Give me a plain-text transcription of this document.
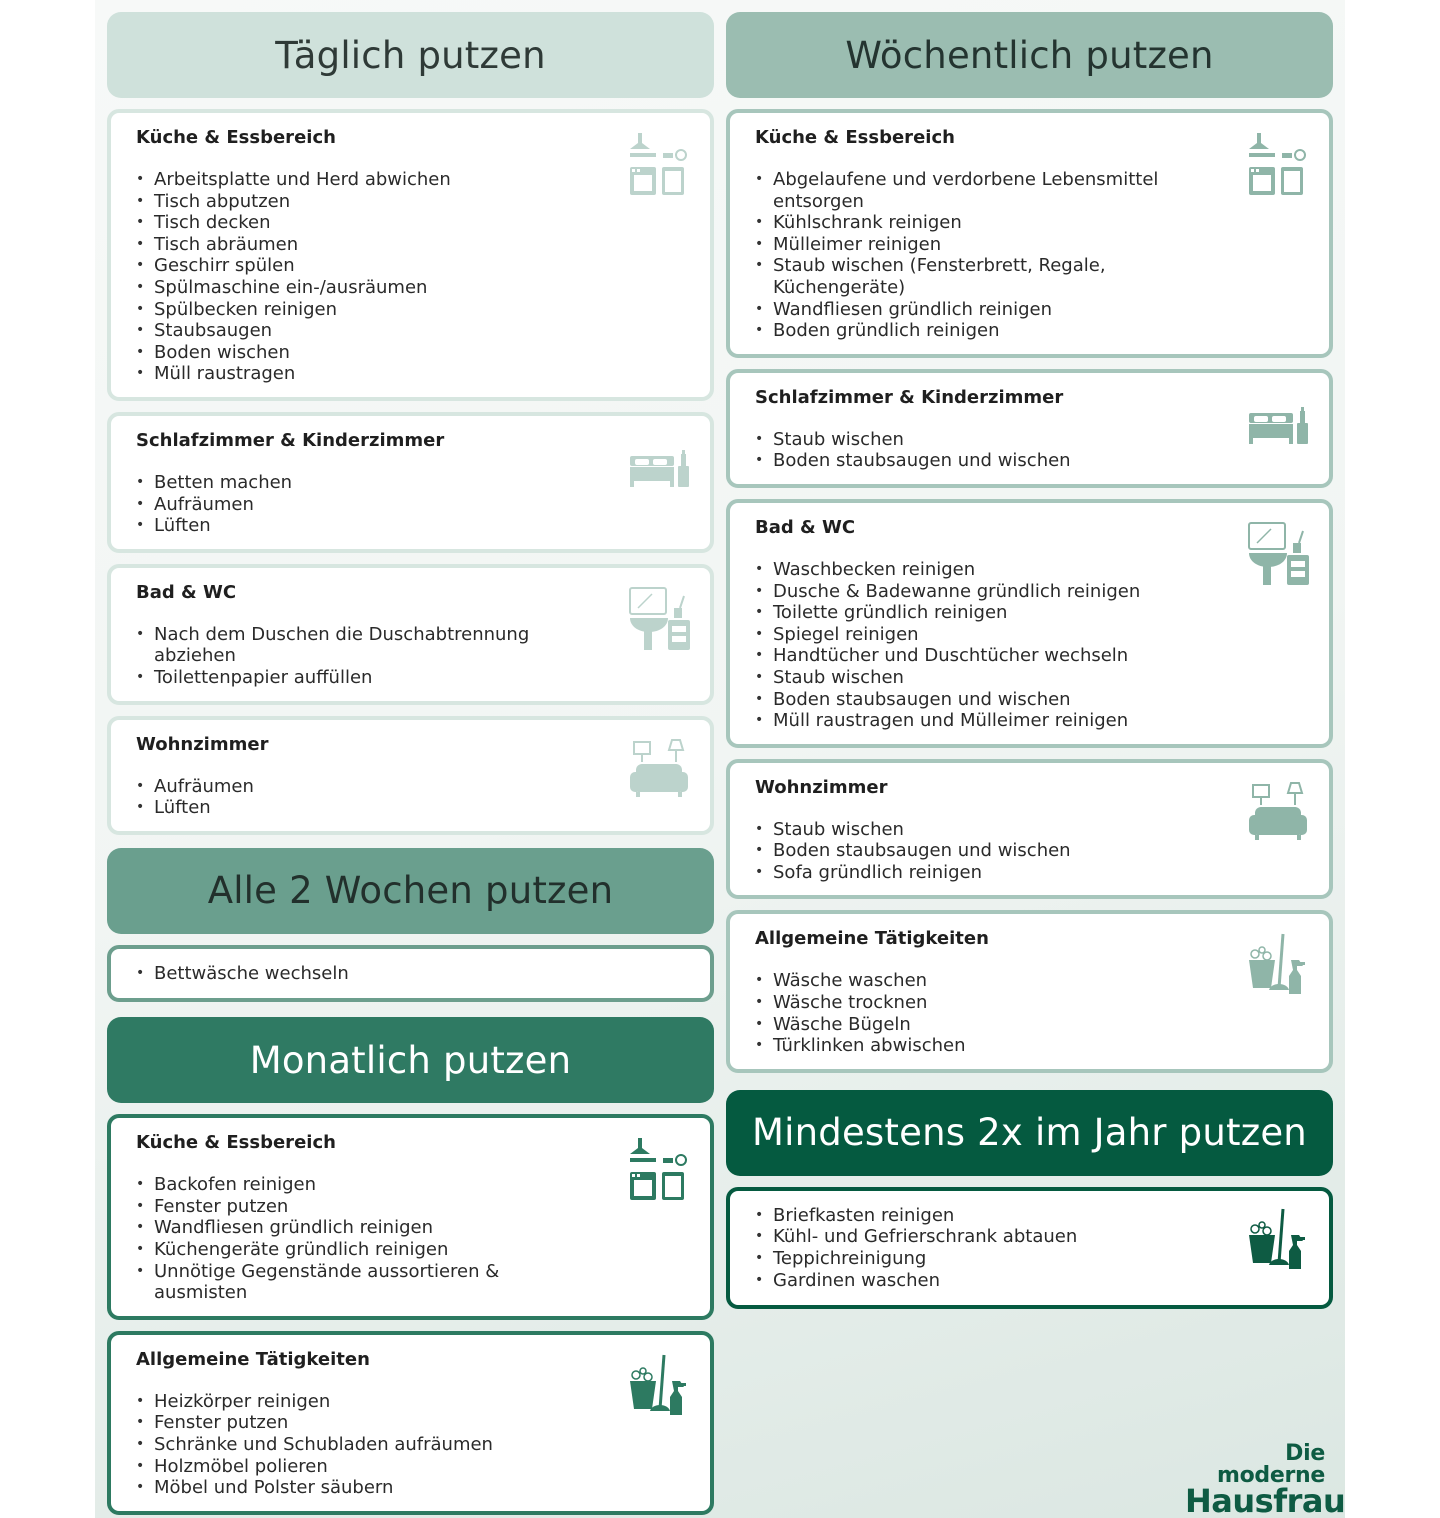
Täglich putzen
Küche & Essbereich
• Arbeitsplatte und Herd abwichen
• Tisch abputzen
• Tisch decken
• Tisch abräumen
• Geschirr spülen
• Spülmaschine ein-/ausräumen
• Spülbecken reinigen
• Staubsaugen
• Boden wischen
• Müll raustragen
Schlafzimmer & Kinderzimmer
• Betten machen
• Aufräumen
• Lüften
Bad & WC
• Nach dem Duschen die Duschabtrennung abziehen
• Toilettenpapier auffüllen
Wohnzimmer
• Aufräumen
• Lüften
Alle 2 Wochen putzen
• Bettwäsche wechseln
Monatlich putzen
Küche & Essbereich
• Backofen reinigen
• Fenster putzen
• Wandfliesen gründlich reinigen
• Küchengeräte gründlich reinigen
• Unnötige Gegenstände aussortieren & ausmisten
Allgemeine Tätigkeiten
• Heizkörper reinigen
• Fenster putzen
• Schränke und Schubladen aufräumen
• Holzmöbel polieren
• Möbel und Polster säubern
Wöchentlich putzen
Küche & Essbereich
• Abgelaufene und verdorbene Lebensmittel entsorgen
• Kühlschrank reinigen
• Mülleimer reinigen
• Staub wischen (Fensterbrett, Regale, Küchengeräte)
• Wandfliesen gründlich reinigen
• Boden gründlich reinigen
Schlafzimmer & Kinderzimmer
• Staub wischen
• Boden staubsaugen und wischen
Bad & WC
• Waschbecken reinigen
• Dusche & Badewanne gründlich reinigen
• Toilette gründlich reinigen
• Spiegel reinigen
• Handtücher und Duschtücher wechseln
• Staub wischen
• Boden staubsaugen und wischen
• Müll raustragen und Mülleimer reinigen
Wohnzimmer
• Staub wischen
• Boden staubsaugen und wischen
• Sofa gründlich reinigen
Allgemeine Tätigkeiten
• Wäsche waschen
• Wäsche trocknen
• Wäsche Bügeln
• Türklinken abwischen
Mindestens 2x im Jahr putzen
• Briefkasten reinigen
• Kühl- und Gefrierschrank abtauen
• Teppichreinigung
• Gardinen waschen
Die moderne
Hausfrau
